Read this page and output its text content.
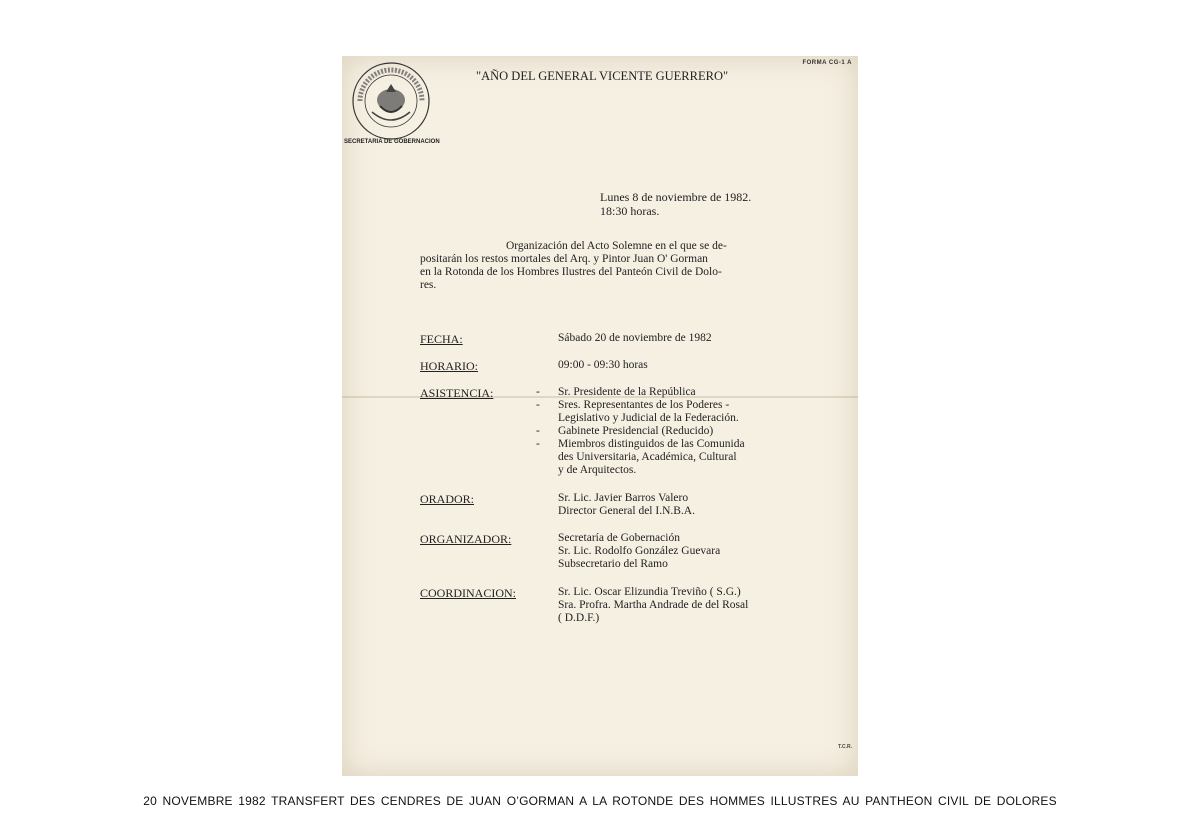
FORMA CG-1 A
SECRETARIA DE GOBERNACION
"AÑO DEL GENERAL VICENTE GUERRERO"
Lunes 8 de noviembre de 1982.
18:30 horas.
Organización del Acto Solemne en el que se de-
positarán los restos mortales del Arq. y Pintor Juan O' Gorman
en la Rotonda de los Hombres Ilustres del Panteón Civil de Dolo-
res.
FECHA:	Sábado 20 de noviembre de 1982
HORARIO:	09:00 - 09:30 horas
ASISTENCIA:	- Sr. Presidente de la República
- Sres. Representantes de los Poderes -
Legislativo y Judicial de la Federación.
- Gabinete Presidencial (Reducido)
- Miembros distinguidos de las Comunida
des Universitaria, Académica, Cultural
y de Arquitectos.
ORADOR:	Sr. Lic. Javier Barros Valero
Director General del I.N.B.A.
ORGANIZADOR:	Secretaría de Gobernación
Sr. Lic. Rodolfo González Guevara
Subsecretario del Ramo
COORDINACION:	Sr. Lic. Oscar Elizundia Treviño ( S.G.)
Sra. Profra. Martha Andrade de del Rosal
( D.D.F.)
T.C.R.
20 NOVEMBRE 1982 TRANSFERT DES CENDRES DE JUAN O’GORMAN A LA ROTONDE DES HOMMES ILLUSTRES AU PANTHEON CIVIL DE DOLORES
